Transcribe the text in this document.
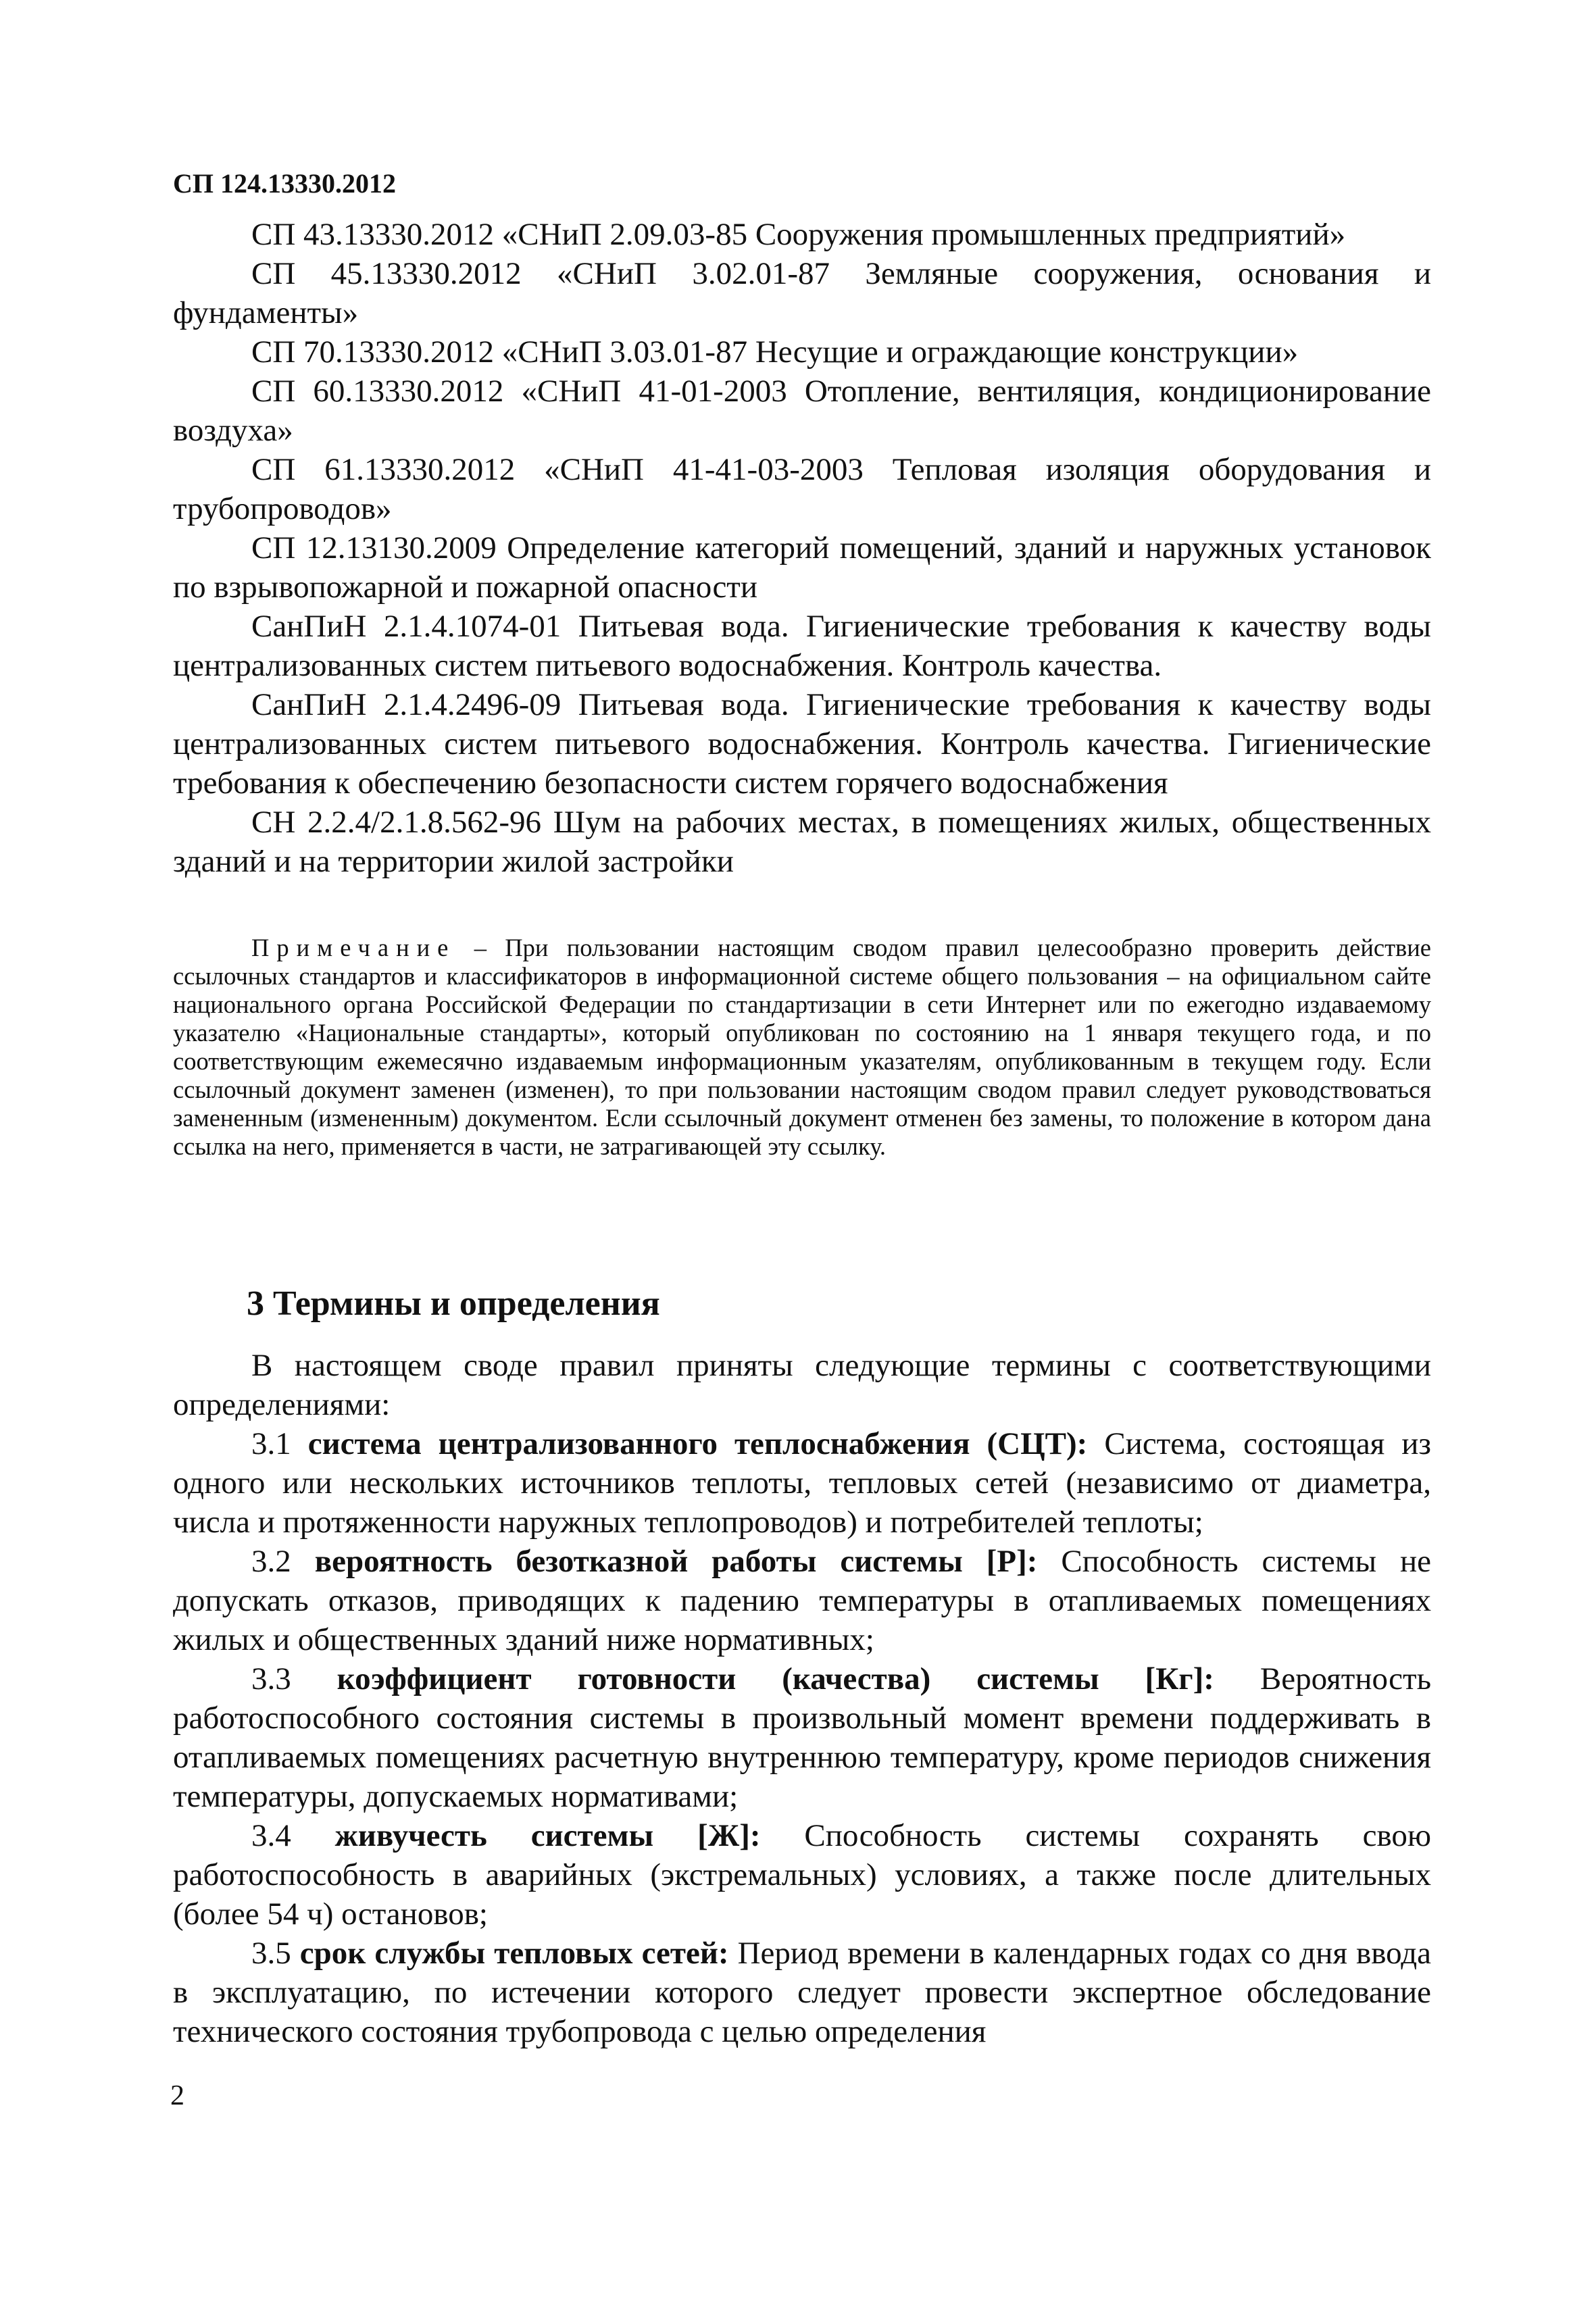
СП 124.13330.2012

СП 43.13330.2012 «СНиП 2.09.03-85 Сооружения промышленных предприятий»

СП 45.13330.2012 «СНиП 3.02.01-87 Земляные сооружения, основания и фундаменты»

СП 70.13330.2012 «СНиП 3.03.01-87 Несущие и ограждающие конструкции»

СП 60.13330.2012 «СНиП 41-01-2003 Отопление, вентиляция, кондиционирование воздуха»

СП 61.13330.2012 «СНиП 41-41-03-2003 Тепловая изоляция оборудования и трубопроводов»

СП 12.13130.2009 Определение категорий помещений, зданий и наружных установок по взрывопожарной и пожарной опасности

СанПиН 2.1.4.1074-01 Питьевая вода. Гигиенические требования к качеству воды централизованных систем питьевого водоснабжения. Контроль качества.

СанПиН 2.1.4.2496-09 Питьевая вода. Гигиенические требования к качеству воды централизованных систем питьевого водоснабжения. Контроль качества. Гигиенические требования к обеспечению безопасности систем горячего водоснабжения

СН 2.2.4/2.1.8.562-96 Шум на рабочих местах, в помещениях жилых, общественных зданий и на территории жилой застройки

Примечание – При пользовании настоящим сводом правил целесообразно проверить действие ссылочных стандартов и классификаторов в информационной системе общего пользования – на официальном сайте национального органа Российской Федерации по стандартизации в сети Интернет или по ежегодно издаваемому указателю «Национальные стандарты», который опубликован по состоянию на 1 января текущего года, и по соответствующим ежемесячно издаваемым информационным указателям, опубликованным в текущем году. Если ссылочный документ заменен (изменен), то при пользовании настоящим сводом правил следует руководствоваться замененным (измененным) документом. Если ссылочный документ отменен без замены, то положение в котором дана ссылка на него, применяется в части, не затрагивающей эту ссылку.
3 Термины и определения

В настоящем своде правил приняты следующие термины с соответствующими определениями:

3.1 система централизованного теплоснабжения (СЦТ): Система, состоящая из одного или нескольких источников теплоты, тепловых сетей (независимо от диаметра, числа и протяженности наружных теплопроводов) и потребителей теплоты;

3.2 вероятность безотказной работы системы [Р]: Способность системы не допускать отказов, приводящих к падению температуры в отапливаемых помещениях жилых и общественных зданий ниже нормативных;

3.3 коэффициент готовности (качества) системы [Кг]: Вероятность работоспособного состояния системы в произвольный момент времени поддерживать в отапливаемых помещениях расчетную внутреннюю температуру, кроме периодов снижения температуры, допускаемых нормативами;

3.4 живучесть системы [Ж]: Способность системы сохранять свою работоспособность в аварийных (экстремальных) условиях, а также после длительных (более 54 ч) остановов;

3.5 срок службы тепловых сетей: Период времени в календарных годах со дня ввода в эксплуатацию, по истечении которого следует провести экспертное обследование технического состояния трубопровода с целью определения

2
